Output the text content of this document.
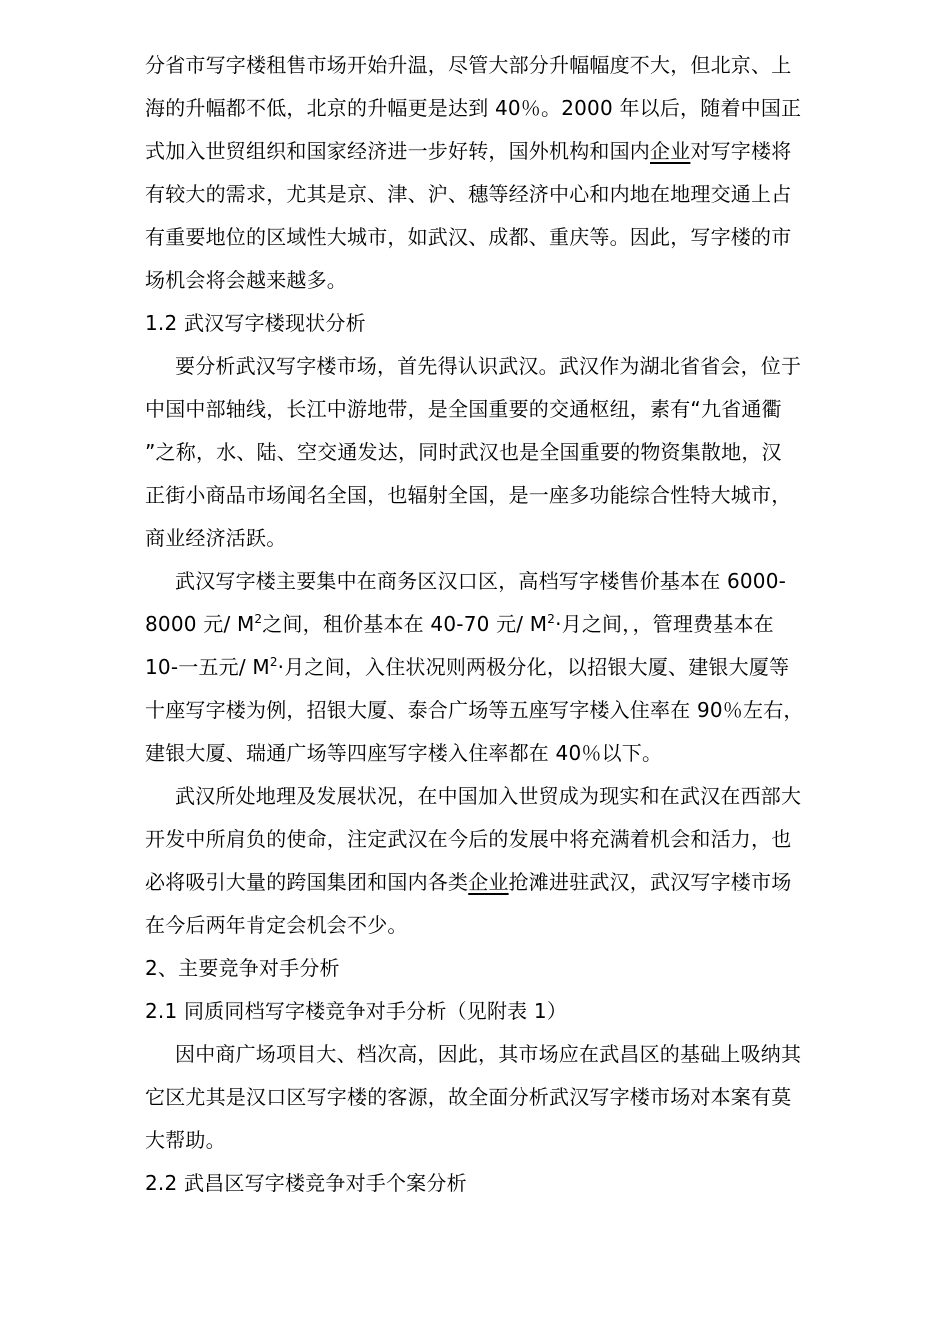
分省市写字楼租售市场开始升温，尽管大部分升幅幅度不大，但北京、上
海的升幅都不低，北京的升幅更是达到 40％。2000 年以后，随着中国正
式加入世贸组织和国家经济进一步好转，国外机构和国内企业对写字楼将
有较大的需求，尤其是京、津、沪、穗等经济中心和内地在地理交通上占
有重要地位的区域性大城市，如武汉、成都、重庆等。因此，写字楼的市
场机会将会越来越多。
1.2 武汉写字楼现状分析
要分析武汉写字楼市场，首先得认识武汉。武汉作为湖北省省会，位于
中国中部轴线，长江中游地带，是全国重要的交通枢纽，素有“九省通衢
”之称，水、陆、空交通发达，同时武汉也是全国重要的物资集散地，汉
正街小商品市场闻名全国，也辐射全国，是一座多功能综合性特大城市，
商业经济活跃。
武汉写字楼主要集中在商务区汉口区，高档写字楼售价基本在 6000-
8000 元/ $M^2$之间，租价基本在 40-70 元/ $M^2\cdot$月之间，，管理费基本在
10-一五元/ $M^2\cdot$月之间，入住状况则两极分化，以招银大厦、建银大厦等
十座写字楼为例，招银大厦、泰合广场等五座写字楼入住率在 90％左右，
建银大厦、瑞通广场等四座写字楼入住率都在 40％以下。
武汉所处地理及发展状况，在中国加入世贸成为现实和在武汉在西部大
开发中所肩负的使命，注定武汉在今后的发展中将充满着机会和活力，也
必将吸引大量的跨国集团和国内各类企业抢滩进驻武汉，武汉写字楼市场
在今后两年肯定会机会不少。
2、主要竞争对手分析
2.1 同质同档写字楼竞争对手分析（见附表 1）
因中商广场项目大、档次高，因此，其市场应在武昌区的基础上吸纳其
它区尤其是汉口区写字楼的客源，故全面分析武汉写字楼市场对本案有莫
大帮助。
2.2 武昌区写字楼竞争对手个案分析
